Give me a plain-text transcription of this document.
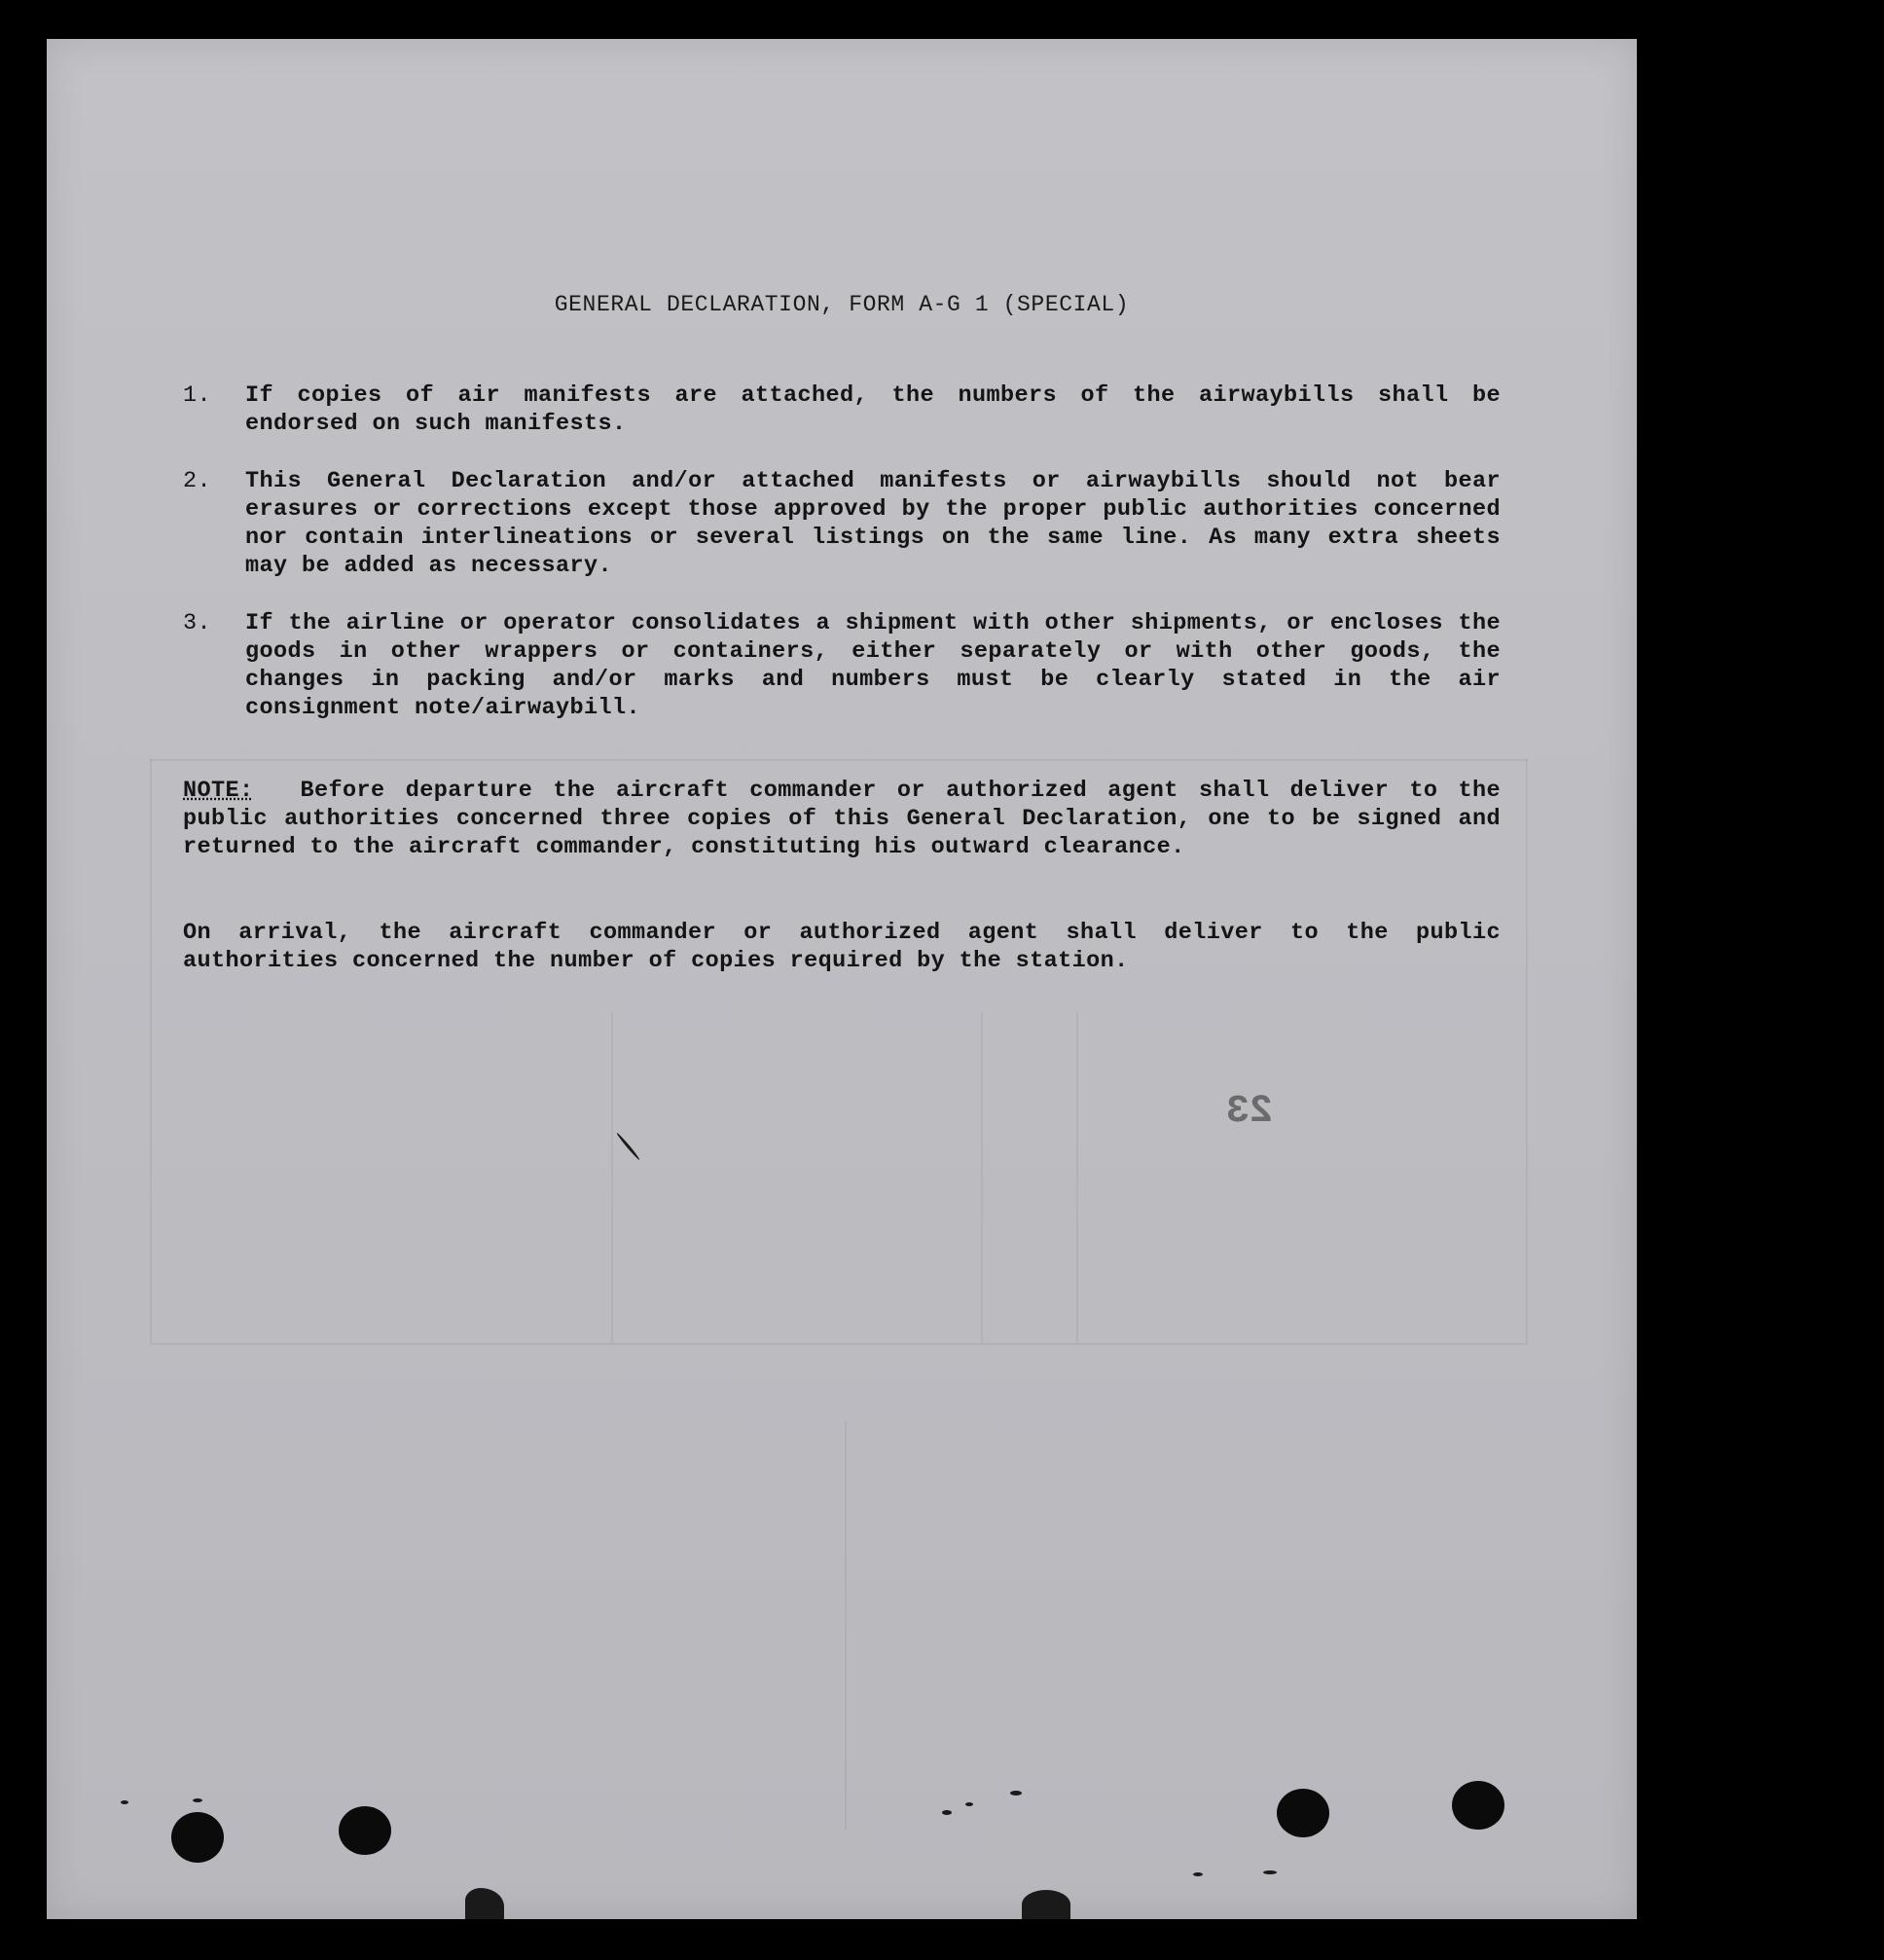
GENERAL DECLARATION, FORM A-G 1 (SPECIAL)
1.	If copies of air manifests are attached, the numbers of the airwaybills shall be endorsed on such manifests.
2.	This General Declaration and/or attached manifests or airwaybills should not bear erasures or corrections except those approved by the proper public authorities concerned nor contain interlineations or several listings on the same line. As many extra sheets may be added as necessary.
3.	If the airline or operator consolidates a shipment with other shipments, or encloses the goods in other wrappers or containers, either separately or with other goods, the changes in packing and/or marks and numbers must be clearly stated in the air consignment note/airwaybill.
NOTE: Before departure the aircraft commander or authorized agent shall deliver to the public authorities concerned three copies of this General Declaration, one to be signed and returned to the aircraft commander, constituting his outward clearance.
On arrival, the aircraft commander or authorized agent shall deliver to the public authorities concerned the number of copies required by the station.
23
